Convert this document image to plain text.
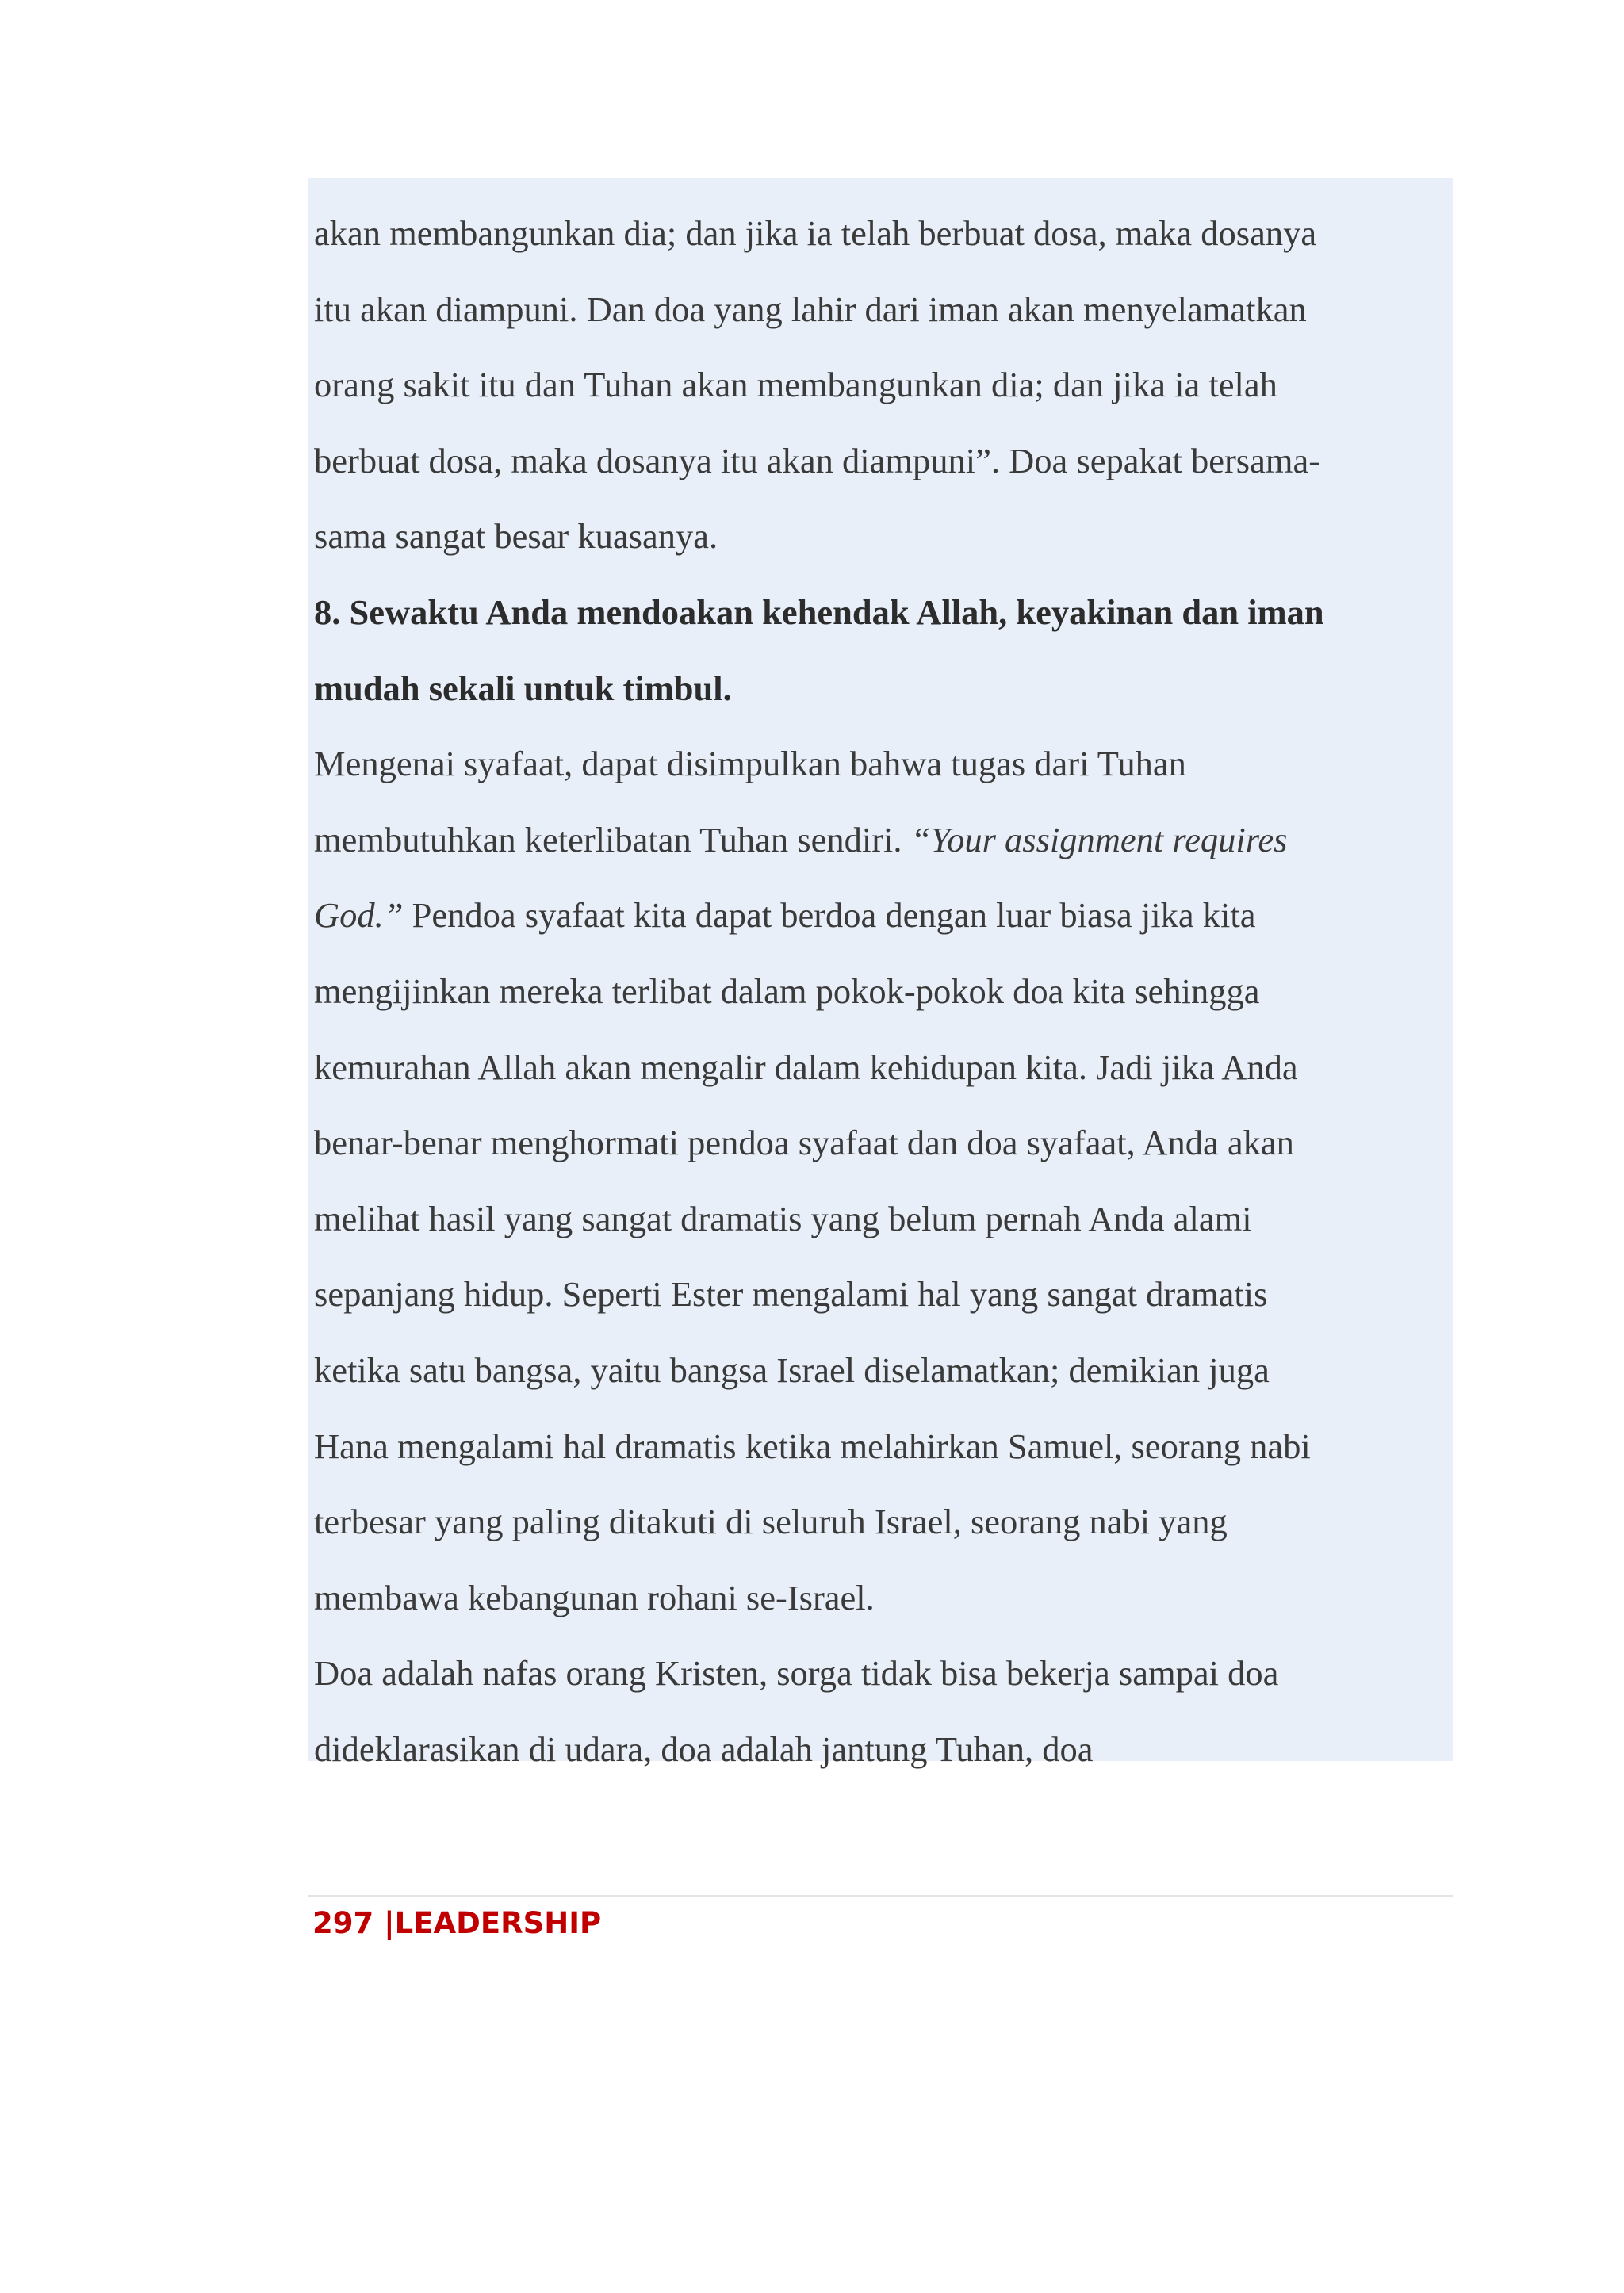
akan membangunkan dia; dan jika ia telah berbuat dosa, maka dosanya
itu akan diampuni. Dan doa yang lahir dari iman akan menyelamatkan
orang sakit itu dan Tuhan akan membangunkan dia; dan jika ia telah
berbuat dosa, maka dosanya itu akan diampuni”. Doa sepakat bersama-
sama sangat besar kuasanya.

8. Sewaktu Anda mendoakan kehendak Allah, keyakinan dan iman
mudah sekali untuk timbul.

Mengenai syafaat, dapat disimpulkan bahwa tugas dari Tuhan
membutuhkan keterlibatan Tuhan sendiri. “Your assignment requires
God.” Pendoa syafaat kita dapat berdoa dengan luar biasa jika kita
mengijinkan mereka terlibat dalam pokok-pokok doa kita sehingga
kemurahan Allah akan mengalir dalam kehidupan kita. Jadi jika Anda
benar-benar menghormati pendoa syafaat dan doa syafaat, Anda akan
melihat hasil yang sangat dramatis yang belum pernah Anda alami
sepanjang hidup. Seperti Ester mengalami hal yang sangat dramatis
ketika satu bangsa, yaitu bangsa Israel diselamatkan; demikian juga
Hana mengalami hal dramatis ketika melahirkan Samuel, seorang nabi
terbesar yang paling ditakuti di seluruh Israel, seorang nabi yang
membawa kebangunan rohani se-Israel.

Doa adalah nafas orang Kristen, sorga tidak bisa bekerja sampai doa
dideklarasikan di udara, doa adalah jantung Tuhan, doa

297 |LEADERSHIP
